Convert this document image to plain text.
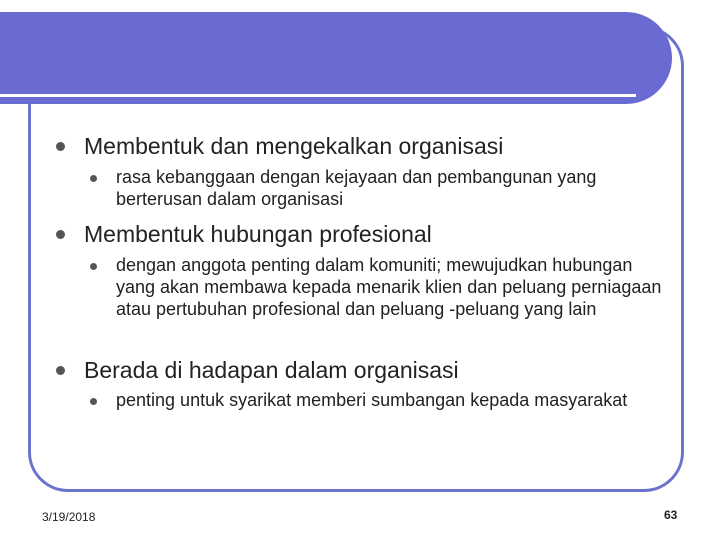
Membentuk dan mengekalkan organisasi
rasa kebanggaan dengan kejayaan dan pembangunan yang berterusan dalam organisasi
Membentuk hubungan profesional
dengan anggota penting dalam komuniti; mewujudkan hubungan yang akan membawa kepada menarik klien dan peluang perniagaan atau pertubuhan profesional dan peluang -peluang yang lain
Berada di hadapan dalam organisasi
penting untuk syarikat memberi sumbangan kepada masyarakat
3/19/2018	63
